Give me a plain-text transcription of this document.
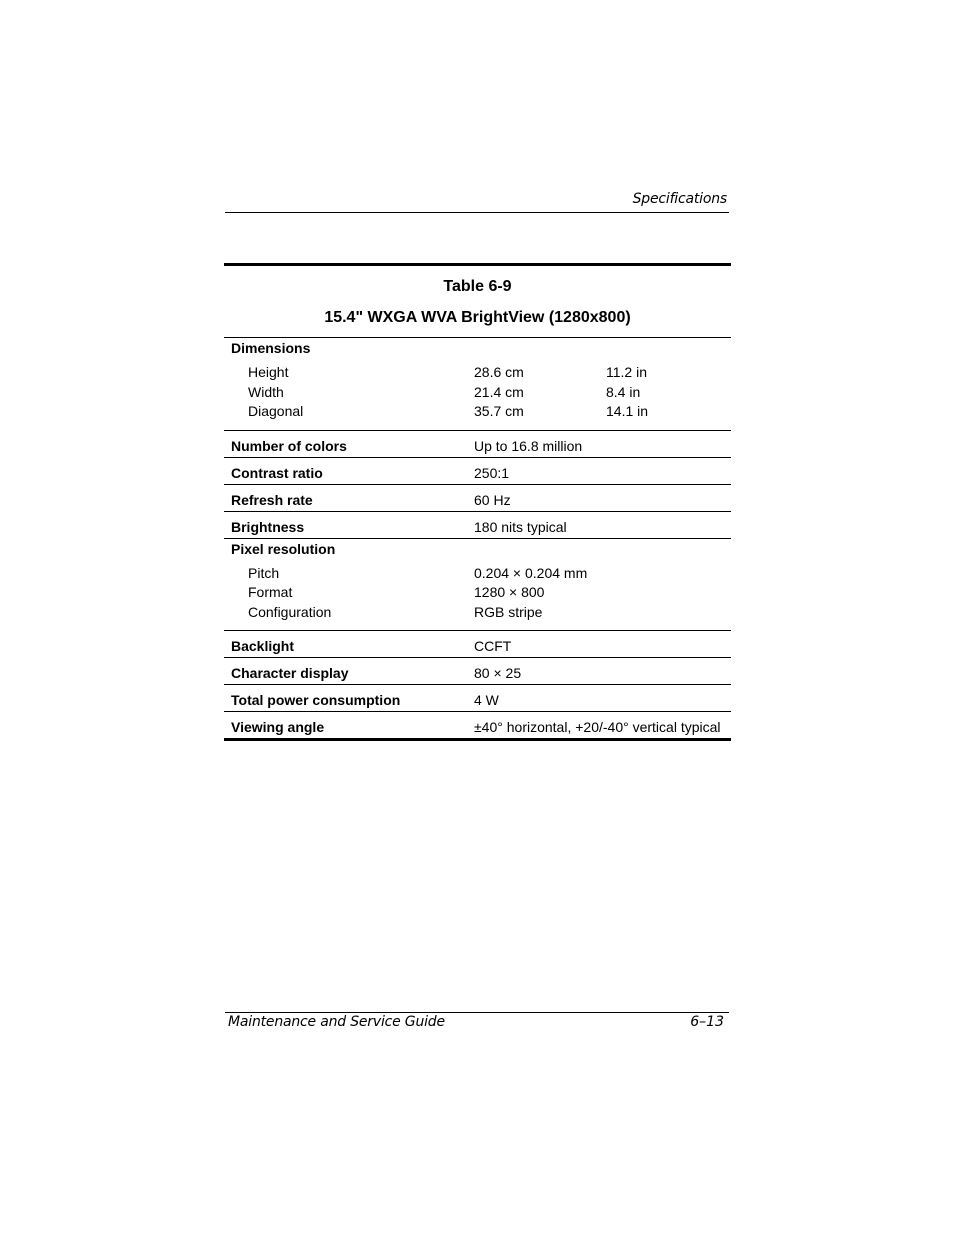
Specifications
Table 6-9
15.4" WXGA WVA BrightView (1280x800)
Dimensions
Height	28.6 cm	11.2 in
Width	21.4 cm	8.4 in
Diagonal	35.7 cm	14.1 in
Number of colors	Up to 16.8 million
Contrast ratio	250:1
Refresh rate	60 Hz
Brightness	180 nits typical
Pixel resolution
Pitch	0.204 × 0.204 mm
Format	1280 × 800
Configuration	RGB stripe
Backlight	CCFT
Character display	80 × 25
Total power consumption	4 W
Viewing angle	±40° horizontal, +20/-40° vertical typical
Maintenance and Service Guide	6–13
